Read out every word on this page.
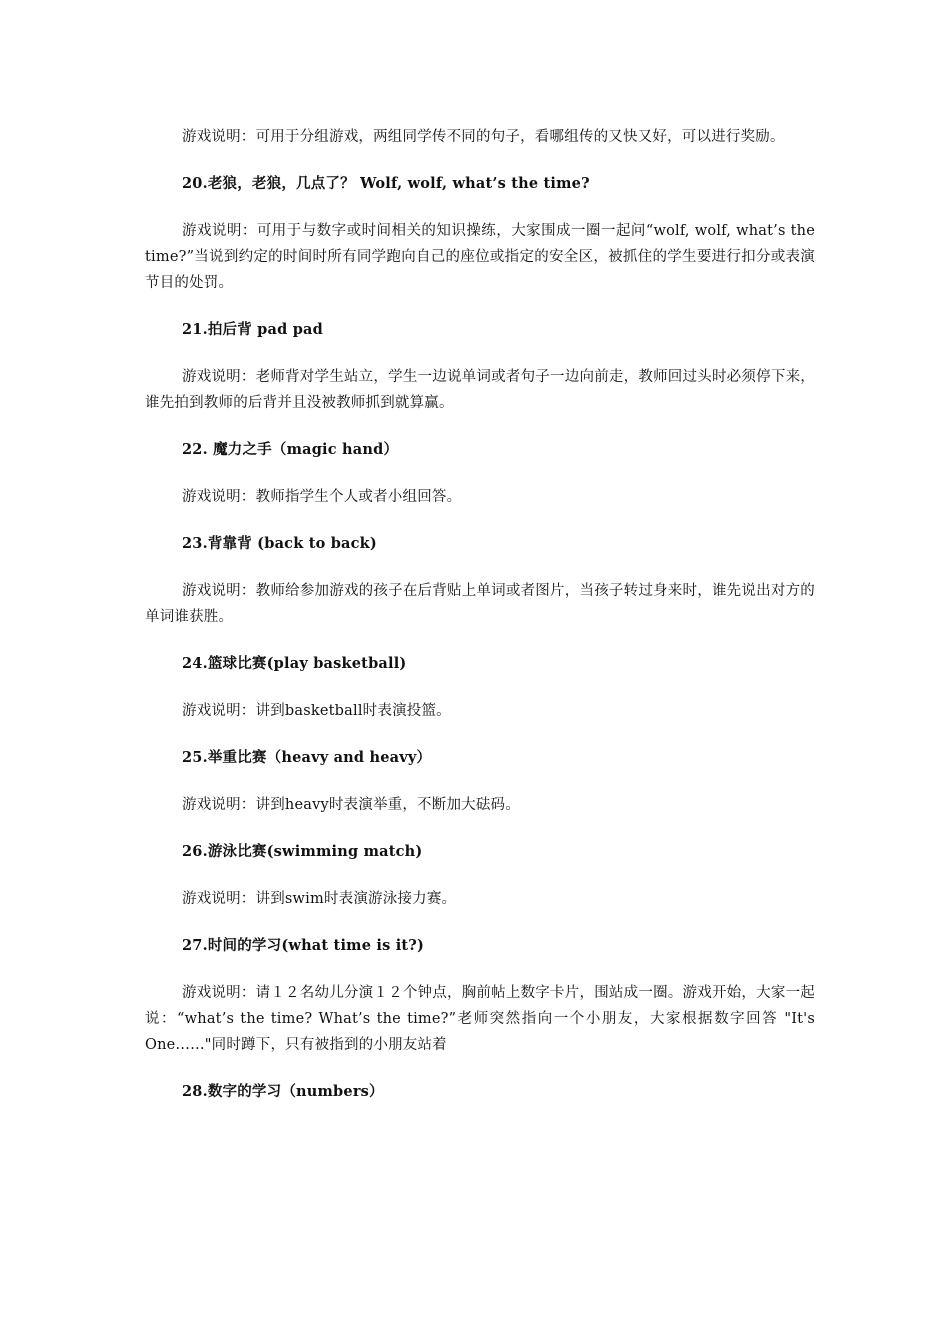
游戏说明：可用于分组游戏，两组同学传不同的句子，看哪组传的又快又好，可以进行奖励。

20.老狼，老狼，几点了？ Wolf, wolf, what’s the time?

游戏说明：可用于与数字或时间相关的知识操练，大家围成一圈一起问“wolf, wolf, what’s the time?”当说到约定的时间时所有同学跑向自己的座位或指定的安全区，被抓住的学生要进行扣分或表演节目的处罚。

21.拍后背 pad pad

游戏说明：老师背对学生站立，学生一边说单词或者句子一边向前走，教师回过头时必须停下来，谁先拍到教师的后背并且没被教师抓到就算赢。

22. 魔力之手（magic hand）

游戏说明：教师指学生个人或者小组回答。

23.背靠背 (back to back)

游戏说明：教师给参加游戏的孩子在后背贴上单词或者图片，当孩子转过身来时，谁先说出对方的单词谁获胜。

24.篮球比赛(play basketball)

游戏说明：讲到basketball时表演投篮。

25.举重比赛（heavy and heavy）

游戏说明：讲到heavy时表演举重，不断加大砝码。

26.游泳比赛(swimming match)

游戏说明：讲到swim时表演游泳接力赛。

27.时间的学习(what time is it?)

游戏说明：请１２名幼儿分演１２个钟点，胸前帖上数字卡片，围站成一圈。游戏开始，大家一起说：“what’s the time? What’s the time?”老师突然指向一个小朋友，大家根据数字回答 "It's One……"同时蹲下，只有被指到的小朋友站着

28.数字的学习（numbers）
